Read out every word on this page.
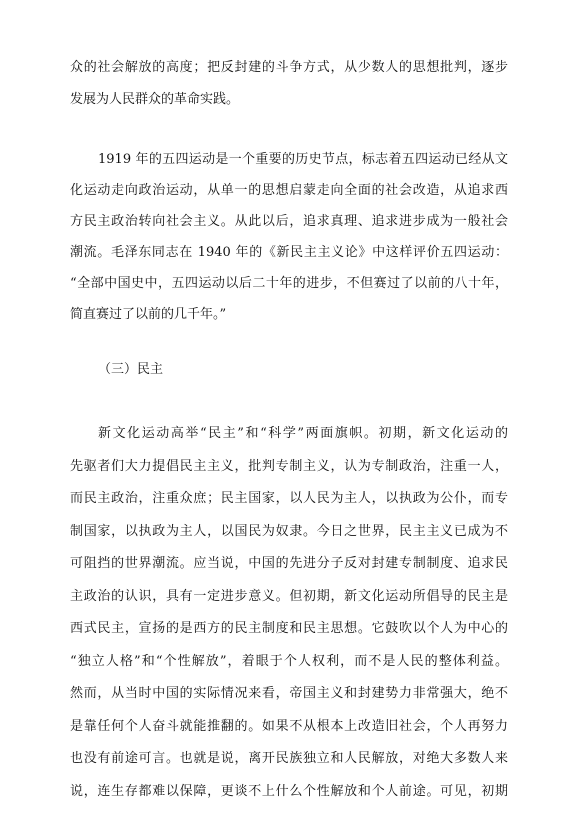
众的社会解放的高度；把反封建的斗争方式，从少数人的思想批判，逐步
发展为人民群众的革命实践。
1919 年的五四运动是一个重要的历史节点，标志着五四运动已经从文
化运动走向政治运动，从单一的思想启蒙走向全面的社会改造，从追求西
方民主政治转向社会主义。从此以后，追求真理、追求进步成为一般社会
潮流。毛泽东同志在 1940 年的《新民主主义论》中这样评价五四运动：
“全部中国史中，五四运动以后二十年的进步，不但赛过了以前的八十年，
简直赛过了以前的几千年。”
（三）民主
新文化运动高举“民主”和“科学”两面旗帜。初期，新文化运动的
先驱者们大力提倡民主主义，批判专制主义，认为专制政治，注重一人，
而民主政治，注重众庶；民主国家，以人民为主人，以执政为公仆，而专
制国家，以执政为主人，以国民为奴隶。今日之世界，民主主义已成为不
可阻挡的世界潮流。应当说，中国的先进分子反对封建专制制度、追求民
主政治的认识，具有一定进步意义。但初期，新文化运动所倡导的民主是
西式民主，宣扬的是西方的民主制度和民主思想。它鼓吹以个人为中心的
“独立人格”和“个性解放”，着眼于个人权利，而不是人民的整体利益。
然而，从当时中国的实际情况来看，帝国主义和封建势力非常强大，绝不
是靠任何个人奋斗就能推翻的。如果不从根本上改造旧社会，个人再努力
也没有前途可言。也就是说，离开民族独立和人民解放，对绝大多数人来
说，连生存都难以保障，更谈不上什么个性解放和个人前途。可见，初期
